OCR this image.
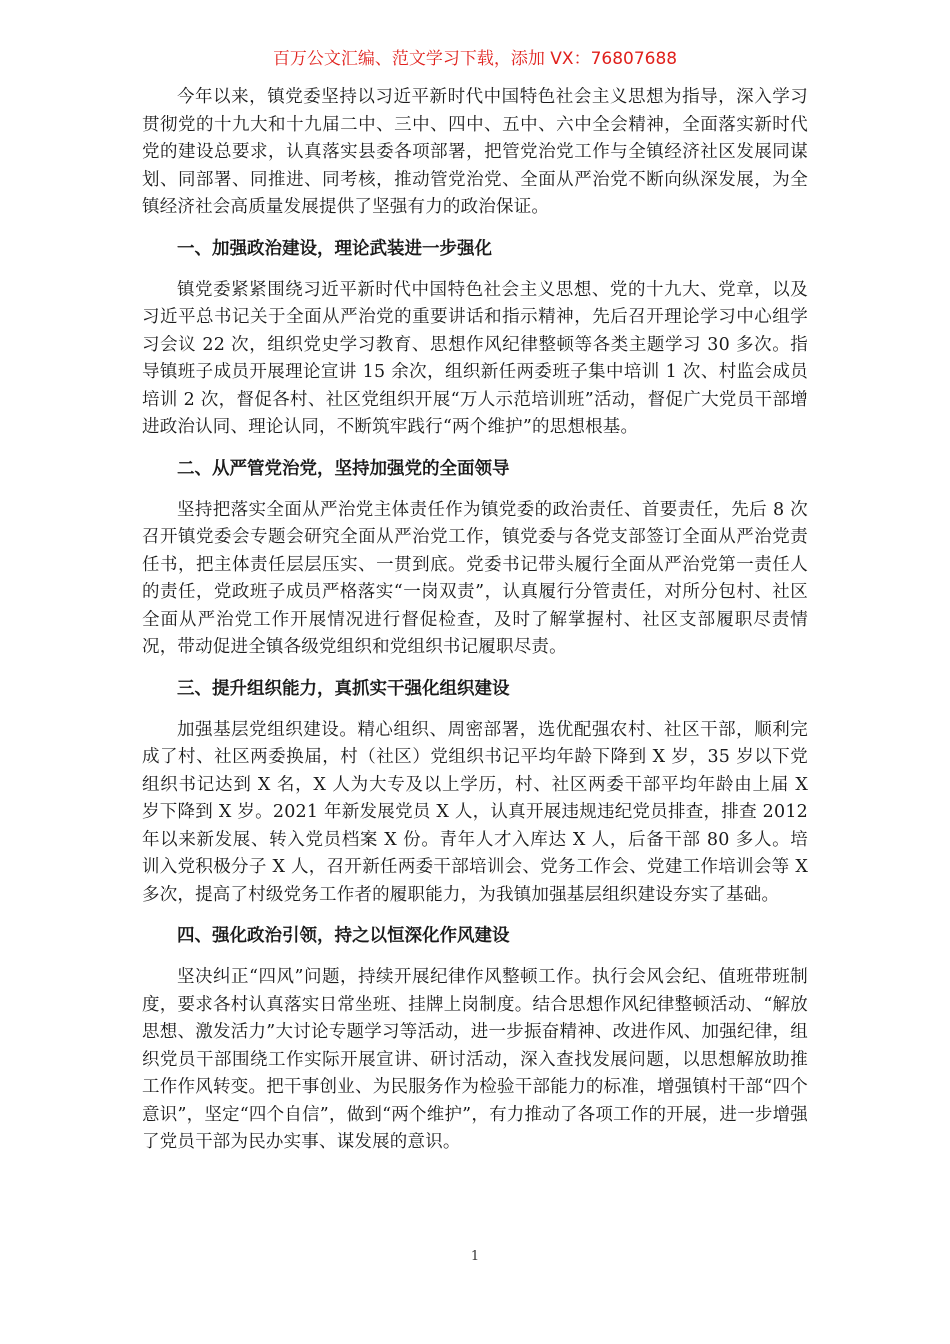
百万公文汇编、范文学习下载，添加 VX：76807688

今年以来，镇党委坚持以习近平新时代中国特色社会主义思想为指导，深入学习贯彻党的十九大和十九届二中、三中、四中、五中、六中全会精神，全面落实新时代党的建设总要求，认真落实县委各项部署，把管党治党工作与全镇经济社区发展同谋划、同部署、同推进、同考核，推动管党治党、全面从严治党不断向纵深发展，为全镇经济社会高质量发展提供了坚强有力的政治保证。

一、加强政治建设，理论武装进一步强化

镇党委紧紧围绕习近平新时代中国特色社会主义思想、党的十九大、党章，以及习近平总书记关于全面从严治党的重要讲话和指示精神，先后召开理论学习中心组学习会议 22 次，组织党史学习教育、思想作风纪律整顿等各类主题学习 30 多次。指导镇班子成员开展理论宣讲 15 余次，组织新任两委班子集中培训 1 次、村监会成员培训 2 次，督促各村、社区党组织开展“万人示范培训班”活动，督促广大党员干部增进政治认同、理论认同，不断筑牢践行“两个维护”的思想根基。

二、从严管党治党，坚持加强党的全面领导

坚持把落实全面从严治党主体责任作为镇党委的政治责任、首要责任，先后 8 次召开镇党委会专题会研究全面从严治党工作，镇党委与各党支部签订全面从严治党责任书，把主体责任层层压实、一贯到底。党委书记带头履行全面从严治党第一责任人的责任，党政班子成员严格落实“一岗双责”，认真履行分管责任，对所分包村、社区全面从严治党工作开展情况进行督促检查，及时了解掌握村、社区支部履职尽责情况，带动促进全镇各级党组织和党组织书记履职尽责。

三、提升组织能力，真抓实干强化组织建设

加强基层党组织建设。精心组织、周密部署，选优配强农村、社区干部，顺利完成了村、社区两委换届，村（社区）党组织书记平均年龄下降到 X 岁，35 岁以下党组织书记达到 X 名，X 人为大专及以上学历，村、社区两委干部平均年龄由上届 X 岁下降到 X 岁。2021 年新发展党员 X 人，认真开展违规违纪党员排查，排查 2012 年以来新发展、转入党员档案 X 份。青年人才入库达 X 人，后备干部 80 多人。培训入党积极分子 X 人，召开新任两委干部培训会、党务工作会、党建工作培训会等 X 多次，提高了村级党务工作者的履职能力，为我镇加强基层组织建设夯实了基础。

四、强化政治引领，持之以恒深化作风建设

坚决纠正“四风”问题，持续开展纪律作风整顿工作。执行会风会纪、值班带班制度，要求各村认真落实日常坐班、挂牌上岗制度。结合思想作风纪律整顿活动、“解放思想、激发活力”大讨论专题学习等活动，进一步振奋精神、改进作风、加强纪律，组织党员干部围绕工作实际开展宣讲、研讨活动，深入查找发展问题，以思想解放助推工作作风转变。把干事创业、为民服务作为检验干部能力的标准，增强镇村干部“四个意识”，坚定“四个自信”，做到“两个维护”，有力推动了各项工作的开展，进一步增强了党员干部为民办实事、谋发展的意识。

1
